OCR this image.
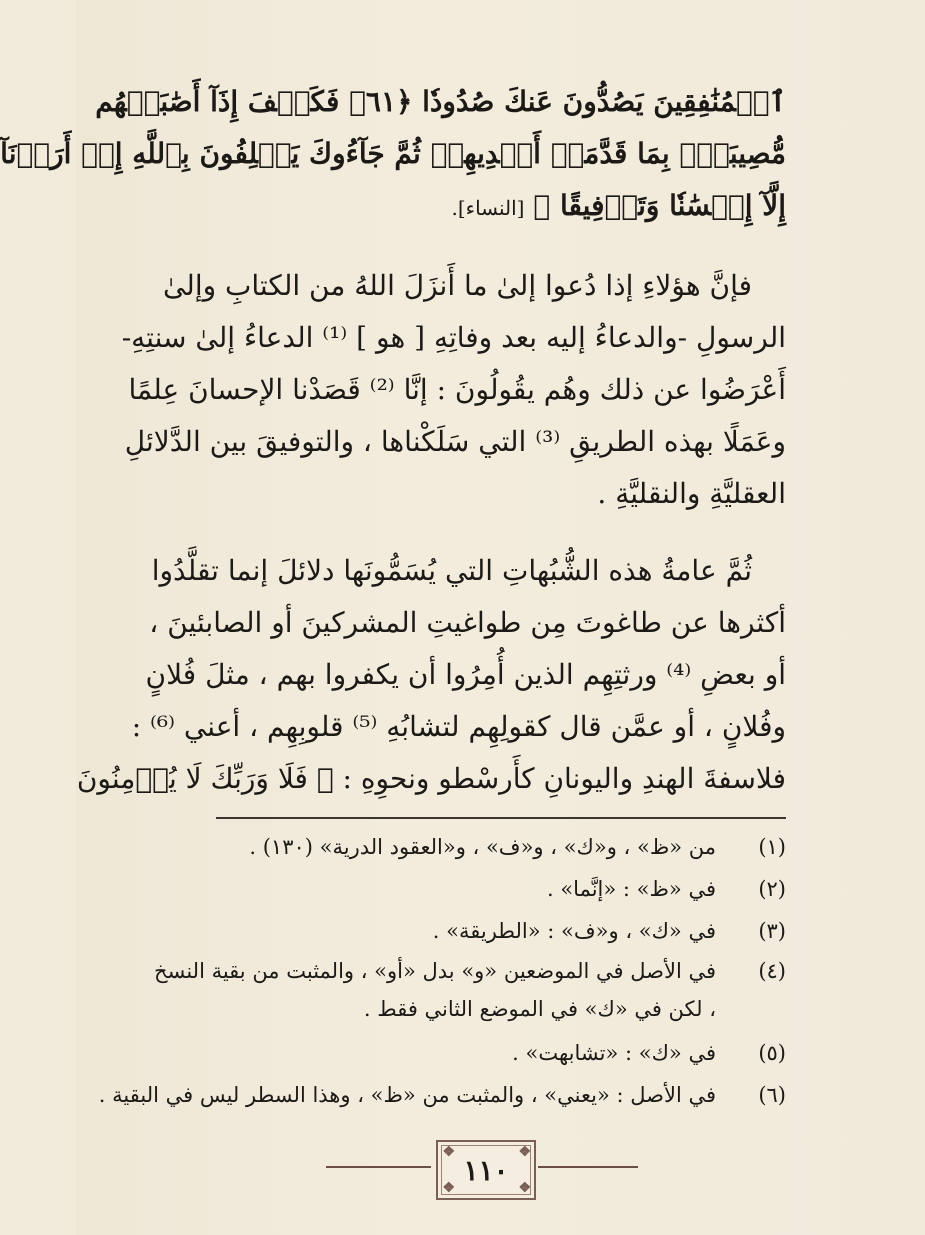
ٱلۡمُنَٰفِقِينَ يَصُدُّونَ عَنكَ صُدُودٗا ﴿٦١﴾ فَكَيۡفَ إِذَآ أَصَٰبَتۡهُم
مُّصِيبَةُۢ بِمَا قَدَّمَتۡ أَيۡدِيهِمۡ ثُمَّ جَآءُوكَ يَحۡلِفُونَ بِٱللَّهِ إِنۡ أَرَدۡنَآ
إِلَّآ إِحۡسَٰنٗا وَتَوۡفِيقًا ﴾ [النساء].
فإنَّ هؤلاءِ إذا دُعوا إلىٰ ما أَنزَلَ اللهُ من الكتابِ وإلىٰ
الرسولِ -والدعاءُ إليه بعد وفاتِهِ [ هو ] ⁽¹⁾ الدعاءُ إلىٰ سنتِهِ-
أَعْرَضُوا عن ذلك وهُم يقُولُونَ : إنَّا ⁽²⁾ قَصَدْنا الإحسانَ عِلمًا
وعَمَلًا بهذه الطريقِ ⁽³⁾ التي سَلَكْناها ، والتوفيقَ بين الدَّلائلِ
العقليَّةِ والنقليَّةِ .
ثُمَّ عامةُ هذه الشُّبُهاتِ التي يُسَمُّونَها دلائلَ إنما تقلَّدُوا
أكثرها عن طاغوتَ مِن طواغيتِ المشركينَ أو الصابئينَ ،
أو بعضِ ⁽⁴⁾ ورثتِهِم الذين أُمِرُوا أن يكفروا بهم ، مثلَ فُلانٍ
وفُلانٍ ، أو عمَّن قال كقولِهِم لتشابُهِ ⁽⁵⁾ قلوبِهِم ، أعني ⁽⁶⁾ :
فلاسفةَ الهندِ واليونانِ كأَرسْطو ونحوِهِ : ﴿ فَلَا وَرَبِّكَ لَا يُؤۡمِنُونَ
(١)
من «ظ» ، و«ك» ، و«ف» ، و«العقود الدرية» (١٣٠) .
(٢)
في «ظ» : «إنَّما» .
(٣)
في «ك» ، و«ف» : «الطريقة» .
(٤)
في الأصل في الموضعين «و» بدل «أو» ، والمثبت من بقية النسخ ، لكن في «ك» في الموضع الثاني فقط .
(٥)
في «ك» : «تشابهت» .
(٦)
في الأصل : «يعني» ، والمثبت من «ظ» ، وهذا السطر ليس في البقية .
❖	❖
❖	❖
١١٠
